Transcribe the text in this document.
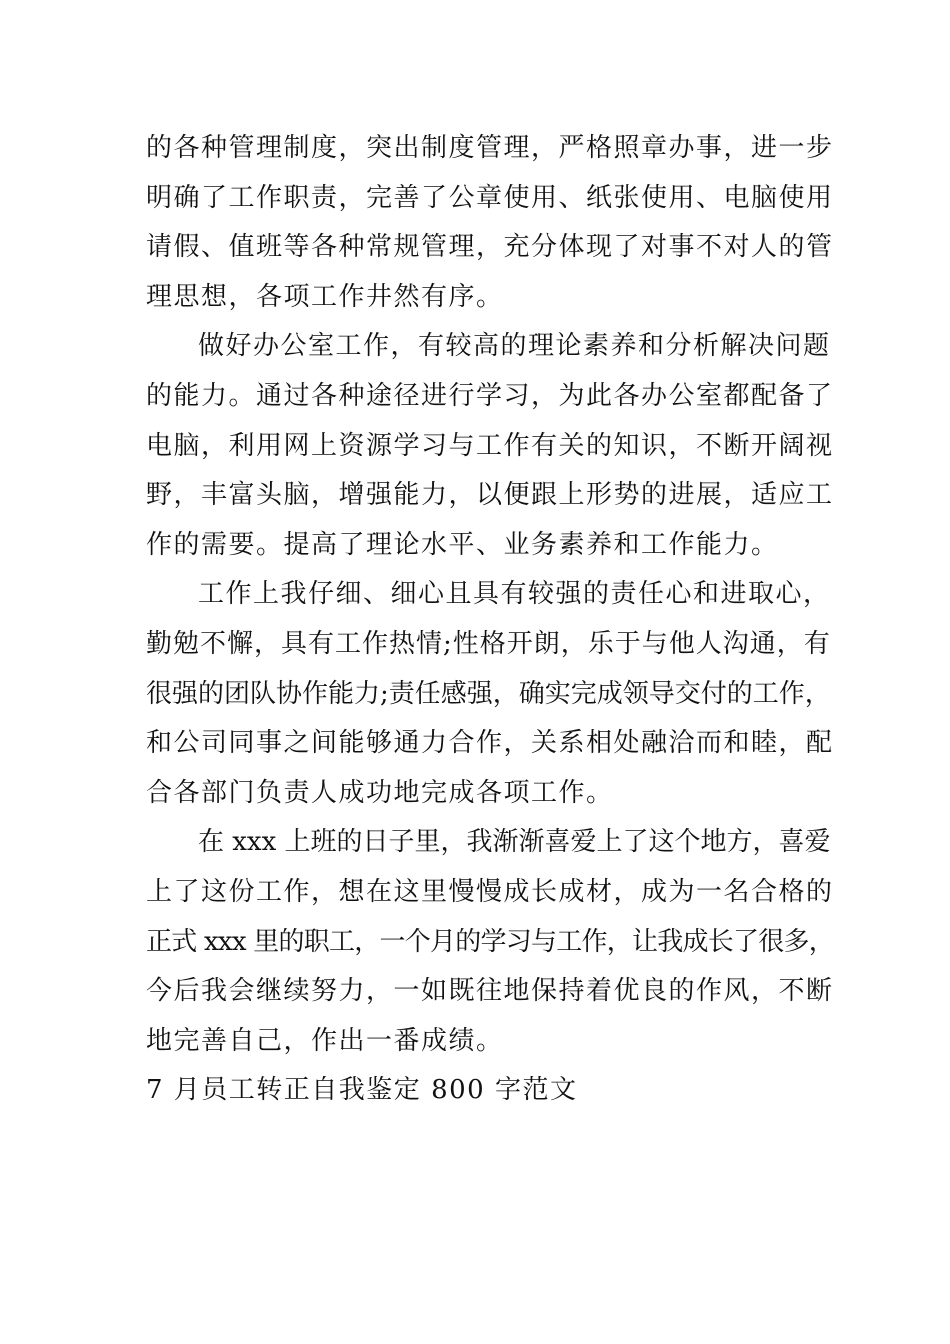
的各种管理制度，突出制度管理，严格照章办事，进一步
明确了工作职责，完善了公章使用、纸张使用、电脑使用
请假、值班等各种常规管理，充分体现了对事不对人的管
理思想，各项工作井然有序。
做好办公室工作，有较高的理论素养和分析解决问题
的能力。通过各种途径进行学习，为此各办公室都配备了
电脑，利用网上资源学习与工作有关的知识，不断开阔视
野，丰富头脑，增强能力，以便跟上形势的进展，适应工
作的需要。提高了理论水平、业务素养和工作能力。
工作上我仔细、细心且具有较强的责任心和进取心，
勤勉不懈，具有工作热情;性格开朗，乐于与他人沟通，有
很强的团队协作能力;责任感强，确实完成领导交付的工作，
和公司同事之间能够通力合作，关系相处融洽而和睦，配
合各部门负责人成功地完成各项工作。
在 xxx 上班的日子里，我渐渐喜爱上了这个地方，喜爱
上了这份工作，想在这里慢慢成长成材，成为一名合格的
正式 xxx 里的职工，一个月的学习与工作，让我成长了很多，
今后我会继续努力，一如既往地保持着优良的作风，不断
地完善自己，作出一番成绩。
7 月员工转正自我鉴定 800 字范文
